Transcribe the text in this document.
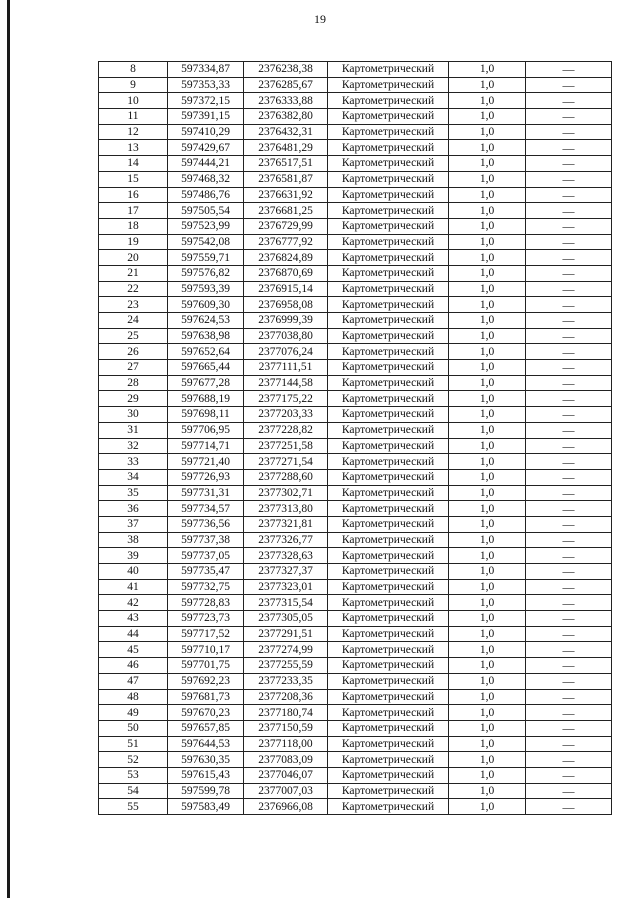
19
8	597334,87	2376238,38	Картометрический	1,0	—
9	597353,33	2376285,67	Картометрический	1,0	—
10	597372,15	2376333,88	Картометрический	1,0	—
11	597391,15	2376382,80	Картометрический	1,0	—
12	597410,29	2376432,31	Картометрический	1,0	—
13	597429,67	2376481,29	Картометрический	1,0	—
14	597444,21	2376517,51	Картометрический	1,0	—
15	597468,32	2376581,87	Картометрический	1,0	—
16	597486,76	2376631,92	Картометрический	1,0	—
17	597505,54	2376681,25	Картометрический	1,0	—
18	597523,99	2376729,99	Картометрический	1,0	—
19	597542,08	2376777,92	Картометрический	1,0	—
20	597559,71	2376824,89	Картометрический	1,0	—
21	597576,82	2376870,69	Картометрический	1,0	—
22	597593,39	2376915,14	Картометрический	1,0	—
23	597609,30	2376958,08	Картометрический	1,0	—
24	597624,53	2376999,39	Картометрический	1,0	—
25	597638,98	2377038,80	Картометрический	1,0	—
26	597652,64	2377076,24	Картометрический	1,0	—
27	597665,44	2377111,51	Картометрический	1,0	—
28	597677,28	2377144,58	Картометрический	1,0	—
29	597688,19	2377175,22	Картометрический	1,0	—
30	597698,11	2377203,33	Картометрический	1,0	—
31	597706,95	2377228,82	Картометрический	1,0	—
32	597714,71	2377251,58	Картометрический	1,0	—
33	597721,40	2377271,54	Картометрический	1,0	—
34	597726,93	2377288,60	Картометрический	1,0	—
35	597731,31	2377302,71	Картометрический	1,0	—
36	597734,57	2377313,80	Картометрический	1,0	—
37	597736,56	2377321,81	Картометрический	1,0	—
38	597737,38	2377326,77	Картометрический	1,0	—
39	597737,05	2377328,63	Картометрический	1,0	—
40	597735,47	2377327,37	Картометрический	1,0	—
41	597732,75	2377323,01	Картометрический	1,0	—
42	597728,83	2377315,54	Картометрический	1,0	—
43	597723,73	2377305,05	Картометрический	1,0	—
44	597717,52	2377291,51	Картометрический	1,0	—
45	597710,17	2377274,99	Картометрический	1,0	—
46	597701,75	2377255,59	Картометрический	1,0	—
47	597692,23	2377233,35	Картометрический	1,0	—
48	597681,73	2377208,36	Картометрический	1,0	—
49	597670,23	2377180,74	Картометрический	1,0	—
50	597657,85	2377150,59	Картометрический	1,0	—
51	597644,53	2377118,00	Картометрический	1,0	—
52	597630,35	2377083,09	Картометрический	1,0	—
53	597615,43	2377046,07	Картометрический	1,0	—
54	597599,78	2377007,03	Картометрический	1,0	—
55	597583,49	2376966,08	Картометрический	1,0	—
